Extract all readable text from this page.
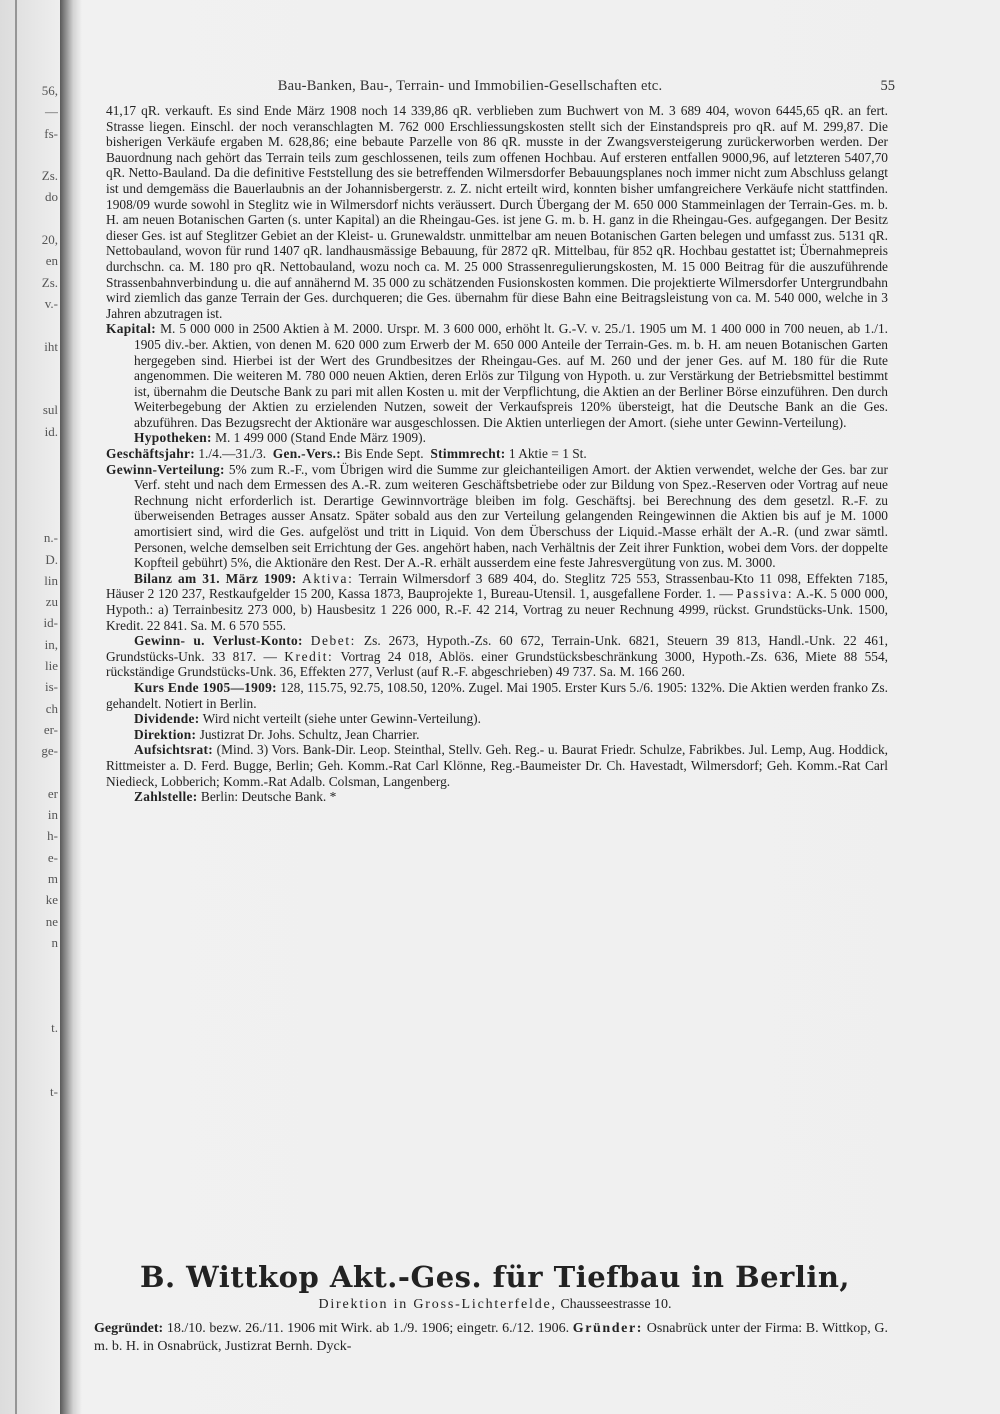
56,
—
fs-
Zs.
do
20,
en
Zs.
v.-
iht
sul
id.
n.-
D.
lin
zu
id-
in,
lie
is-
ch
er-
ge-
er
in
h-
e-
m
ke
ne
n
t.
t-
Bau-Banken, Bau-, Terrain- und Immobilien-Gesellschaften etc.	55

41,17 qR. verkauft. Es sind Ende März 1908 noch 14 339,86 qR. verblieben zum Buchwert von M. 3 689 404, wovon 6445,65 qR. an fert. Strasse liegen. Einschl. der noch veranschlagten M. 762 000 Erschliessungskosten stellt sich der Einstandspreis pro qR. auf M. 299,87. Die bisherigen Verkäufe ergaben M. 628,86; eine bebaute Parzelle von 86 qR. musste in der Zwangsversteigerung zurückerworben werden. Der Bauordnung nach gehört das Terrain teils zum geschlossenen, teils zum offenen Hochbau. Auf ersteren entfallen 9000,96, auf letzteren 5407,70 qR. Netto-Bauland. Da die definitive Feststellung des sie betreffenden Wilmersdorfer Bebauungsplanes noch immer nicht zum Abschluss gelangt ist und demgemäss die Bauerlaubnis an der Johannisbergerstr. z. Z. nicht erteilt wird, konnten bisher umfangreichere Verkäufe nicht stattfinden. 1908/09 wurde sowohl in Steglitz wie in Wilmersdorf nichts veräussert. Durch Übergang der M. 650 000 Stammeinlagen der Terrain-Ges. m. b. H. am neuen Botanischen Garten (s. unter Kapital) an die Rheingau-Ges. ist jene G. m. b. H. ganz in die Rheingau-Ges. aufgegangen. Der Besitz dieser Ges. ist auf Steglitzer Gebiet an der Kleist- u. Grunewaldstr. unmittelbar am neuen Botanischen Garten belegen und umfasst zus. 5131 qR. Nettobauland, wovon für rund 1407 qR. landhausmässige Bebauung, für 2872 qR. Mittelbau, für 852 qR. Hochbau gestattet ist; Übernahmepreis durchschn. ca. M. 180 pro qR. Nettobauland, wozu noch ca. M. 25 000 Strassenregulierungskosten, M. 15 000 Beitrag für die auszuführende Strassenbahnverbindung u. die auf annähernd M. 35 000 zu schätzenden Fusionskosten kommen. Die projektierte Wilmersdorfer Untergrundbahn wird ziemlich das ganze Terrain der Ges. durchqueren; die Ges. übernahm für diese Bahn eine Beitragsleistung von ca. M. 540 000, welche in 3 Jahren abzutragen ist.

Kapital: M. 5 000 000 in 2500 Aktien à M. 2000. Urspr. M. 3 600 000, erhöht lt. G.-V. v. 25./1. 1905 um M. 1 400 000 in 700 neuen, ab 1./1. 1905 div.-ber. Aktien, von denen M. 620 000 zum Erwerb der M. 650 000 Anteile der Terrain-Ges. m. b. H. am neuen Botanischen Garten hergegeben sind. Hierbei ist der Wert des Grundbesitzes der Rheingau-Ges. auf M. 260 und der jener Ges. auf M. 180 für die Rute angenommen. Die weiteren M. 780 000 neuen Aktien, deren Erlös zur Tilgung von Hypoth. u. zur Verstärkung der Betriebsmittel bestimmt ist, übernahm die Deutsche Bank zu pari mit allen Kosten u. mit der Verpflichtung, die Aktien an der Berliner Börse einzuführen. Den durch Weiterbegebung der Aktien zu erzielenden Nutzen, soweit der Verkaufspreis 120% übersteigt, hat die Deutsche Bank an die Ges. abzuführen. Das Bezugsrecht der Aktionäre war ausgeschlossen. Die Aktien unterliegen der Amort. (siehe unter Gewinn-Verteilung).

Hypotheken: M. 1 499 000 (Stand Ende März 1909).

Geschäftsjahr: 1./4.—31./3. Gen.-Vers.: Bis Ende Sept. Stimmrecht: 1 Aktie = 1 St.

Gewinn-Verteilung: 5% zum R.-F., vom Übrigen wird die Summe zur gleichanteiligen Amort. der Aktien verwendet, welche der Ges. bar zur Verf. steht und nach dem Ermessen des A.-R. zum weiteren Geschäftsbetriebe oder zur Bildung von Spez.-Reserven oder Vortrag auf neue Rechnung nicht erforderlich ist. Derartige Gewinnvorträge bleiben im folg. Geschäftsj. bei Berechnung des dem gesetzl. R.-F. zu überweisenden Betrages ausser Ansatz. Später sobald aus den zur Verteilung gelangenden Reingewinnen die Aktien bis auf je M. 1000 amortisiert sind, wird die Ges. aufgelöst und tritt in Liquid. Von dem Überschuss der Liquid.-Masse erhält der A.-R. (und zwar sämtl. Personen, welche demselben seit Errichtung der Ges. angehört haben, nach Verhältnis der Zeit ihrer Funktion, wobei dem Vors. der doppelte Kopfteil gebührt) 5%, die Aktionäre den Rest. Der A.-R. erhält ausserdem eine feste Jahresvergütung von zus. M. 3000.

Bilanz am 31. März 1909: Aktiva: Terrain Wilmersdorf 3 689 404, do. Steglitz 725 553, Strassenbau-Kto 11 098, Effekten 7185, Häuser 2 120 237, Restkaufgelder 15 200, Kassa 1873, Bauprojekte 1, Bureau-Utensil. 1, ausgefallene Forder. 1. — Passiva: A.-K. 5 000 000, Hypoth.: a) Terrainbesitz 273 000, b) Hausbesitz 1 226 000, R.-F. 42 214, Vortrag zu neuer Rechnung 4999, rückst. Grundstücks-Unk. 1500, Kredit. 22 841. Sa. M. 6 570 555.

Gewinn- u. Verlust-Konto: Debet: Zs. 2673, Hypoth.-Zs. 60 672, Terrain-Unk. 6821, Steuern 39 813, Handl.-Unk. 22 461, Grundstücks-Unk. 33 817. — Kredit: Vortrag 24 018, Ablös. einer Grundstücksbeschränkung 3000, Hypoth.-Zs. 636, Miete 88 554, rückständige Grundstücks-Unk. 36, Effekten 277, Verlust (auf R.-F. abgeschrieben) 49 737. Sa. M. 166 260.

Kurs Ende 1905—1909: 128, 115.75, 92.75, 108.50, 120%. Zugel. Mai 1905. Erster Kurs 5./6. 1905: 132%. Die Aktien werden franko Zs. gehandelt. Notiert in Berlin.

Dividende: Wird nicht verteilt (siehe unter Gewinn-Verteilung).

Direktion: Justizrat Dr. Johs. Schultz, Jean Charrier.

Aufsichtsrat: (Mind. 3) Vors. Bank-Dir. Leop. Steinthal, Stellv. Geh. Reg.- u. Baurat Friedr. Schulze, Fabrikbes. Jul. Lemp, Aug. Hoddick, Rittmeister a. D. Ferd. Bugge, Berlin; Geh. Komm.-Rat Carl Klönne, Reg.-Baumeister Dr. Ch. Havestadt, Wilmersdorf; Geh. Komm.-Rat Carl Niedieck, Lobberich; Komm.-Rat Adalb. Colsman, Langenberg.

Zahlstelle: Berlin: Deutsche Bank. *

B. Wittkop Akt.-Ges. für Tiefbau in Berlin,
Direktion in Gross-Lichterfelde, Chausseestrasse 10.

Gegründet: 18./10. bezw. 26./11. 1906 mit Wirk. ab 1./9. 1906; eingetr. 6./12. 1906. Gründer: Osnabrück unter der Firma: B. Wittkop, G. m. b. H. in Osnabrück, Justizrat Bernh. Dyck-
